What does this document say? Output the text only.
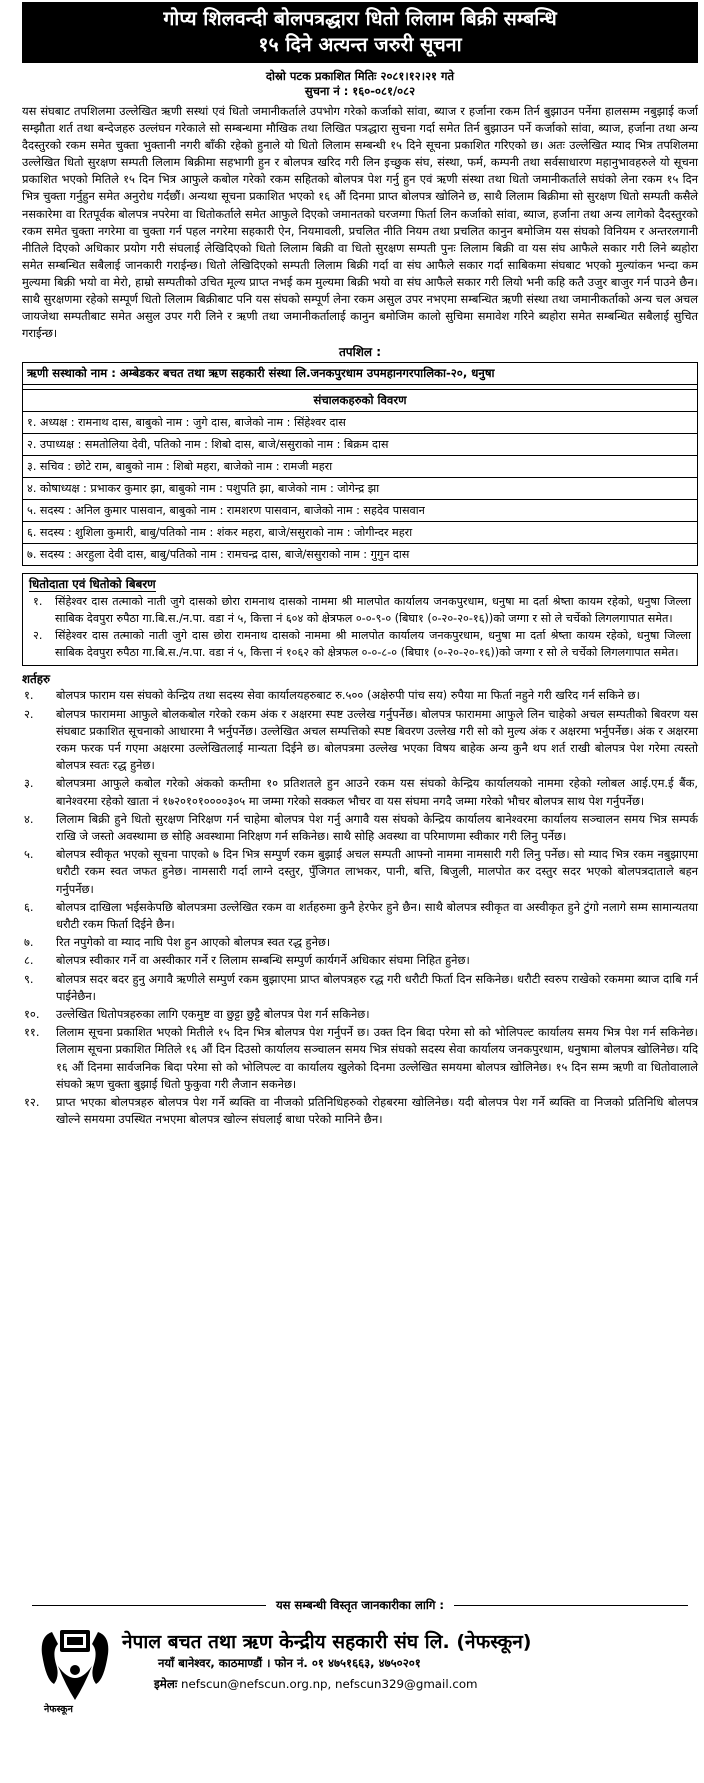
गोप्य शिलवन्दी बोलपत्रद्धारा धितो लिलाम बिक्री सम्बन्धि
१५ दिने अत्यन्त जरुरी सूचना
दोस्रो पटक प्रकाशित मितिः २०८१।१२।२१ गते
सुचना नं : १६०-०८१/०८२

यस संघबाट तपशिलमा उल्लेखित ऋणी सस्थां एवं धितो जमानीकर्ताले उपभोग गरेको कर्जाको सांवा, ब्याज र हर्जाना रकम तिर्न बुझाउन पर्नेमा हालसम्म नबुझाई कर्जा सम्झौता शर्त तथा बन्देजहरु उल्लंघन गरेकाले सो सम्बन्धमा मौखिक तथा लिखित पत्रद्धारा सुचना गर्दा समेत तिर्न बुझाउन पर्ने कर्जाको सांवा, ब्याज, हर्जाना तथा अन्य दैदस्तुरको रकम समेत चुक्ता भुक्तानी नगरी बाँकी रहेको हुनाले यो धितो लिलाम सम्बन्धी १५ दिने सूचना प्रकाशित गरिएको छ। अतः उल्लेखित म्याद भित्र तपशिलमा उल्लेखित धितो सुरक्षण सम्पती लिलाम बिक्रीमा सहभागी हुन र बोलपत्र खरिद गरी लिन इच्छुक संघ, संस्था, फर्म, कम्पनी तथा सर्वसाधारण महानुभावहरुले यो सूचना प्रकाशित भएको मितिले १५ दिन भित्र आफुले कबोल गरेको रकम सहितको बोलपत्र पेश गर्नु हुन एवं ऋणी संस्था तथा धितो जमानीकर्ताले सघंको लेना रकम १५ दिन भित्र चुक्ता गर्नुहुन समेत अनुरोध गर्दछौं। अन्यथा सूचना प्रकाशित भएको १६ औं दिनमा प्राप्त बोलपत्र खोलिने छ, साथै लिलाम बिक्रीमा सो सुरक्षण धितो सम्पती कसैले नसकारेमा वा रितपूर्वक बोलपत्र नपरेमा वा धितोकर्ताले समेत आफुले दिएको जमानतको घरजग्गा फिर्ता लिन कर्जाको सांवा, ब्याज, हर्जाना तथा अन्य लागेको दैदस्तुरको रकम समेत चुक्ता नगरेमा वा चुक्ता गर्न पहल नगरेमा सहकारी ऐन, नियमावली, प्रचलित नीति नियम तथा प्रचलित कानुन बमोजिम यस संघको विनियम र अन्तरलगानी नीतिले दिएको अधिकार प्रयोग गरी संघलाई लेखिदिएको धितो लिलाम बिक्री वा धितो सुरक्षण सम्पती पुनः लिलाम बिक्री वा यस संघ आफैले सकार गरी लिने ब्यहोरा समेत सम्बन्धित सबैलाई जानकारी गराईन्छ। धितो लेखिदिएको सम्पती लिलाम बिक्री गर्दा वा संघ आफैले सकार गर्दा साबिकमा संघबाट भएको मुल्यांकन भन्दा कम मुल्यमा बिक्री भयो वा मेरो, हाम्रो सम्पतीको उचित मूल्य प्राप्त नभई कम मुल्यमा बिक्री भयो वा संघ आफैले सकार गरी लियो भनी कहि कतै उजुर बाजुर गर्न पाउने छैन। साथै सुरक्षणमा रहेको सम्पूर्ण धितो लिलाम बिक्रीबाट पनि यस संघको सम्पूर्ण लेना रकम असुल उपर नभएमा सम्बन्धित ऋणी संस्था तथा जमानीकर्ताको अन्य चल अचल जायजेथा सम्पतीबाट समेत असुल उपर गरी लिने र ऋणी तथा जमानीकर्तालाई कानुन बमोजिम कालो सुचिमा समावेश गरिने ब्यहोरा समेत सम्बन्धित सबैलाई सुचित गराईन्छ।

तपशिल :
ऋणी सस्थाको नाम : अम्बेडकर बचत तथा ऋण सहकारी संस्था लि.जनकपुरधाम उपमहानगरपालिका-२०, धनुषा
संचालकहरुको विवरण
१. अध्यक्ष : रामनाथ दास, बाबुको नाम : जुगे दास, बाजेको नाम : सिंहेश्वर दास
२. उपाध्यक्ष : समतोलिया देवी, पतिको नाम : शिबो दास, बाजे/ससुराको नाम : बिक्रम दास
३. सचिव : छोटे राम, बाबुको नाम : शिबो महरा, बाजेको नाम : रामजी महरा
४. कोषाध्यक्ष : प्रभाकर कुमार झा, बाबुको नाम : पशुपति झा, बाजेको नाम : जोगेन्द्र झा
५. सदस्य : अनिल कुमार पासवान, बाबुको नाम : रामशरण पासवान, बाजेको नाम : सहदेव पासवान
६. सदस्य : शुशिला कुमारी, बाबु/पतिको नाम : शंकर महरा, बाजे/ससुराको नाम : जोगीन्दर महरा
७. सदस्य : अरहुला देवी दास, बाबु/पतिको नाम : रामचन्द्र दास, बाजे/ससुराको नाम : गुगुन दास
धितोदाता एवं धितोको बिबरण
१.	सिंहेश्वर दास तत्माको नाती जुगे दासको छोरा रामनाथ दासको नाममा श्री मालपोत कार्यालय जनकपुरधाम, धनुषा मा दर्ता श्रेष्ता कायम रहेको, धनुषा जिल्ला साबिक देवपुरा रुपैठा गा.बि.स./न.पा. वडा नं ५, कित्ता नं ६०४ को क्षेत्रफल ०-०-९-० (बिघा१ (०-२०-२०-१६))को जग्गा र सो ले चर्चेको लिगलगापात समेत।
२.	सिंहेश्वर दास तत्माको नाती जुगे दास छोरा रामनाथ दासको नाममा श्री मालपोत कार्यालय जनकपुरधाम, धनुषा मा दर्ता श्रेष्ता कायम रहेको, धनुषा जिल्ला साबिक देवपुरा रुपैठा गा.बि.स./न.पा. वडा नं ५, कित्ता नं १०६२ को क्षेत्रफल ०-०-८-० (बिघा१ (०-२०-२०-१६))को जग्गा र सो ले चर्चेको लिगलगापात समेत।
शर्तहरु
१.	बोलपत्र फाराम यस संघको केन्द्रिय तथा सदस्य सेवा कार्यालयहरुबाट रु.५०० (अक्षेरुपी पांच सय) रुपैया मा फिर्ता नहुने गरी खरिद गर्न सकिने छ।
२.	बोलपत्र फाराममा आफुले बोलकबोल गरेको रकम अंक र अक्षरमा स्पष्ट उल्लेख गर्नुपर्नेछ। बोलपत्र फाराममा आफुले लिन चाहेको अचल सम्पतीको बिवरण यस संघबाट प्रकाशित सूचनाको आधारमा नै भर्नुपर्नेछ। उल्लेखित अचल सम्पत्तिको स्पष्ट बिवरण उल्लेख गरी सो को मुल्य अंक र अक्षरमा भर्नुपर्नेछ। अंक र अक्षरमा रकम फरक पर्न गएमा अक्षरमा उल्लेखितलाई मान्यता दिईने छ। बोलपत्रमा उल्लेख भएका विषय बाहेक अन्य कुनै थप शर्त राखी बोलपत्र पेश गरेमा त्यस्तो बोलपत्र स्वतः रद्ध हुनेछ।
३.	बोलपत्रमा आफुले कबोल गरेको अंकको कम्तीमा १० प्रतिशतले हुन आउने रकम यस संघको केन्द्रिय कार्यालयको नाममा रहेको ग्लोबल आई.एम.ई बैंक, बानेश्वरमा रहेको खाता नं १७२०१०१००००३०५ मा जम्मा गरेको सक्कल भौचर वा यस संघमा नगदै जम्मा गरेको भौचर बोलपत्र साथ पेश गर्नुपर्नेछ।
४.	लिलाम बिक्री हुने धितो सुरक्षण निरिक्षण गर्न चाहेमा बोलपत्र पेश गर्नु अगावै यस संघको केन्द्रिय कार्यालय बानेश्वरमा कार्यालय सञ्चालन समय भित्र सम्पर्क राखि जे जस्तो अवस्थामा छ सोहि अवस्थामा निरिक्षण गर्न सकिनेछ। साथै सोहि अवस्था वा परिमाणमा स्वीकार गरी लिनु पर्नेछ।
५.	बोलपत्र स्वीकृत भएको सूचना पाएको ७ दिन भित्र सम्पुर्ण रकम बुझाई अचल सम्पती आफ्नो नाममा नामसारी गरी लिनु पर्नेछ। सो म्याद भित्र रकम नबुझाएमा धरौटी रकम स्वत जफत हुनेछ। नामसारी गर्दा लाग्ने दस्तुर, पुँजिगत लाभकर, पानी, बत्ति, बिजुली, मालपोत कर दस्तुर सदर भएको बोलपत्रदाताले बहन गर्नुपर्नेछ।
६.	बोलपत्र दाखिला भईसकेपछि बोलपत्रमा उल्लेखित रकम वा शर्तहरुमा कुनै हेरफेर हुने छैन। साथै बोलपत्र स्वीकृत वा अस्वीकृत हुने टुंगो नलागे सम्म सामान्यतया धरौटी रकम फिर्ता दिईने छैन।
७.	रित नपुगेको वा म्याद नाघि पेश हुन आएको बोलपत्र स्वत रद्ध हुनेछ।
८.	बोलपत्र स्वीकार गर्ने वा अस्वीकार गर्ने र लिलाम सम्बन्धि सम्पुर्ण कार्यगर्ने अधिकार संघमा निहित हुनेछ।
९.	बोलपत्र सदर बदर हुनु अगावै ऋणीले सम्पुर्ण रकम बुझाएमा प्राप्त बोलपत्रहरु रद्ध गरी धरौटी फिर्ता दिन सकिनेछ। धरौटी स्वरुप राखेको रकममा ब्याज दाबि गर्न पाईनेछैन।
१०.	उल्लेखित धितोपत्रहरुका लागि एकमुष्ट वा छुट्टा छुट्टै बोलपत्र पेश गर्न सकिनेछ।
११.	लिलाम सूचना प्रकाशित भएको मितीले १५ दिन भित्र बोलपत्र पेश गर्नुपर्ने छ। उक्त दिन बिदा परेमा सो को भोलिपल्ट कार्यालय समय भित्र पेश गर्न सकिनेछ। लिलाम सूचना प्रकाशित मितिले १६ औं दिन दिउसो कार्यालय सञ्चालन समय भित्र संघको सदस्य सेवा कार्यालय जनकपुरधाम, धनुषामा बोलपत्र खोलिनेछ। यदि १६ औं दिनमा सार्वजनिक बिदा परेमा सो को भोलिपल्ट वा कार्यालय खुलेको दिनमा उल्लेखित समयमा बोलपत्र खोलिनेछ। १५ दिन सम्म ऋणी वा धितोवालाले संघको ऋण चुक्ता बुझाई धितो फुकुवा गरी लैजान सकनेछ।
१२.	प्राप्त भएका बोलपत्रहरु बोलपत्र पेश गर्ने ब्यक्ति वा नीजको प्रतिनिधिहरुको रोहबरमा खोलिनेछ। यदी बोलपत्र पेश गर्ने ब्यक्ति वा निजको प्रतिनिधि बोलपत्र खोल्ने समयमा उपस्थित नभएमा बोलपत्र खोल्न संघलाई बाधा परेको मानिने छैन।
यस सम्बन्धी विस्तृत जानकारीका लागि :
नेफस्कून
नेपाल बचत तथा ऋण केन्द्रीय सहकारी संघ लि. (नेफस्कून)
नयाँ बानेश्वर, काठमाण्डौं । फोन नं. ०१ ४७५१६६३, ४७५०२०१
इमेलः nefscun@nefscun.org.np, nefscun329@gmail.com
